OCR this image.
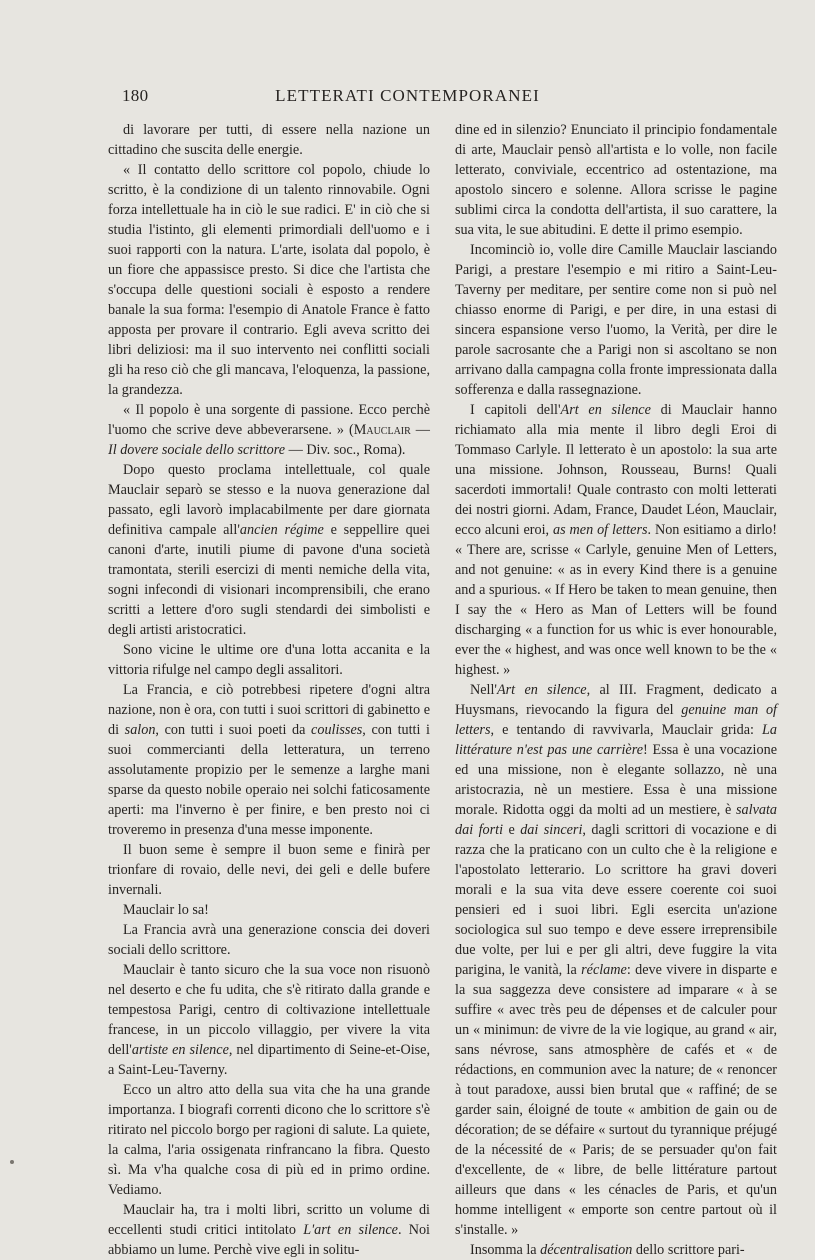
180	LETTERATI CONTEMPORANEI

di lavorare per tutti, di essere nella nazione un cittadino che suscita delle energie.

« Il contatto dello scrittore col popolo, chiude lo scritto, è la condizione di un talento rinnovabile. Ogni forza intellettuale ha in ciò le sue radici. E' in ciò che si studia l'istinto, gli elementi primordiali dell'uomo e i suoi rapporti con la natura. L'arte, isolata dal popolo, è un fiore che appassisce presto. Si dice che l'artista che s'occupa delle questioni sociali è esposto a rendere banale la sua forma: l'esempio di Anatole France è fatto apposta per provare il contrario. Egli aveva scritto dei libri deliziosi: ma il suo intervento nei conflitti sociali gli ha reso ciò che gli mancava, l'eloquenza, la passione, la grandezza.

« Il popolo è una sorgente di passione. Ecco perchè l'uomo che scrive deve abbeverarsene. » (Mauclair — Il dovere sociale dello scrittore — Div. soc., Roma).

Dopo questo proclama intellettuale, col quale Mauclair separò se stesso e la nuova generazione dal passato, egli lavorò implacabilmente per dare giornata definitiva campale all'ancien régime e seppellire quei canoni d'arte, inutili piume di pavone d'una società tramontata, sterili esercizi di menti nemiche della vita, sogni infecondi di visionari incomprensibili, che erano scritti a lettere d'oro sugli stendardi dei simbolisti e degli artisti aristocratici.

Sono vicine le ultime ore d'una lotta accanita e la vittoria rifulge nel campo degli assalitori.

La Francia, e ciò potrebbesi ripetere d'ogni altra nazione, non è ora, con tutti i suoi scrittori di gabinetto e di salon, con tutti i suoi poeti da coulisses, con tutti i suoi commercianti della letteratura, un terreno assolutamente propizio per le semenze a larghe mani sparse da questo nobile operaio nei solchi faticosamente aperti: ma l'inverno è per finire, e ben presto noi ci troveremo in presenza d'una messe imponente.

Il buon seme è sempre il buon seme e finirà per trionfare di rovaio, delle nevi, dei geli e delle bufere invernali.

Mauclair lo sa!

La Francia avrà una generazione conscia dei doveri sociali dello scrittore.

Mauclair è tanto sicuro che la sua voce non risuonò nel deserto e che fu udita, che s'è ritirato dalla grande e tempestosa Parigi, centro di coltivazione intellettuale francese, in un piccolo villaggio, per vivere la vita dell'artiste en silence, nel dipartimento di Seine-et-Oise, a Saint-Leu-Taverny.

Ecco un altro atto della sua vita che ha una grande importanza. I biografi correnti dicono che lo scrittore s'è ritirato nel piccolo borgo per ragioni di salute. La quiete, la calma, l'aria ossigenata rinfrancano la fibra. Questo sì. Ma v'ha qualche cosa di più ed in primo ordine. Vediamo.

Mauclair ha, tra i molti libri, scritto un volume di eccellenti studi critici intitolato L'art en silence. Noi abbiamo un lume. Perchè vive egli in solitu-

dine ed in silenzio? Enunciato il principio fondamentale di arte, Mauclair pensò all'artista e lo volle, non facile letterato, conviviale, eccentrico ad ostentazione, ma apostolo sincero e solenne. Allora scrisse le pagine sublimi circa la condotta dell'artista, il suo carattere, la sua vita, le sue abitudini. E dette il primo esempio.

Incominciò io, volle dire Camille Mauclair lasciando Parigi, a prestare l'esempio e mi ritiro a Saint-Leu-Taverny per meditare, per sentire come non si può nel chiasso enorme di Parigi, e per dire, in una estasi di sincera espansione verso l'uomo, la Verità, per dire le parole sacrosante che a Parigi non si ascoltano se non arrivano dalla campagna colla fronte impressionata dalla sofferenza e dalla rassegnazione.

I capitoli dell'Art en silence di Mauclair hanno richiamato alla mia mente il libro degli Eroi di Tommaso Carlyle. Il letterato è un apostolo: la sua arte una missione. Johnson, Rousseau, Burns! Quali sacerdoti immortali! Quale contrasto con molti letterati dei nostri giorni. Adam, France, Daudet Léon, Mauclair, ecco alcuni eroi, as men of letters. Non esitiamo a dirlo! « There are, scrisse « Carlyle, genuine Men of Letters, and not genuine: « as in every Kind there is a genuine and a spurious. « If Hero be taken to mean genuine, then I say the « Hero as Man of Letters will be found discharging « a function for us whic is ever honourable, ever the « highest, and was once well known to be the « highest. »

Nell'Art en silence, al III. Fragment, dedicato a Huysmans, rievocando la figura del genuine man of letters, e tentando di ravvivarla, Mauclair grida: La littérature n'est pas une carrière! Essa è una vocazione ed una missione, non è elegante sollazzo, nè una aristocrazia, nè un mestiere. Essa è una missione morale. Ridotta oggi da molti ad un mestiere, è salvata dai forti e dai sinceri, dagli scrittori di vocazione e di razza che la praticano con un culto che è la religione e l'apostolato letterario. Lo scrittore ha gravi doveri morali e la sua vita deve essere coerente coi suoi pensieri ed i suoi libri. Egli esercita un'azione sociologica sul suo tempo e deve essere irreprensibile due volte, per lui e per gli altri, deve fuggire la vita parigina, le vanità, la réclame: deve vivere in disparte e la sua saggezza deve consistere ad imparare « à se suffire « avec très peu de dépenses et de calculer pour un « minimun: de vivre de la vie logique, au grand « air, sans névrose, sans atmosphère de cafés et « de rédactions, en communion avec la nature; de « renoncer à tout paradoxe, aussi bien brutal que « raffiné; de se garder sain, éloigné de toute « ambition de gain ou de décoration; de se défaire « surtout du tyrannique préjugé de la nécessité de « Paris; de se persuader qu'on fait d'excellente, de « libre, de belle littérature partout ailleurs que dans « les cénacles de Paris, et qu'un homme intelligent « emporte son centre partout où il s'installe. »

Insomma la décentralisation dello scrittore pari-
